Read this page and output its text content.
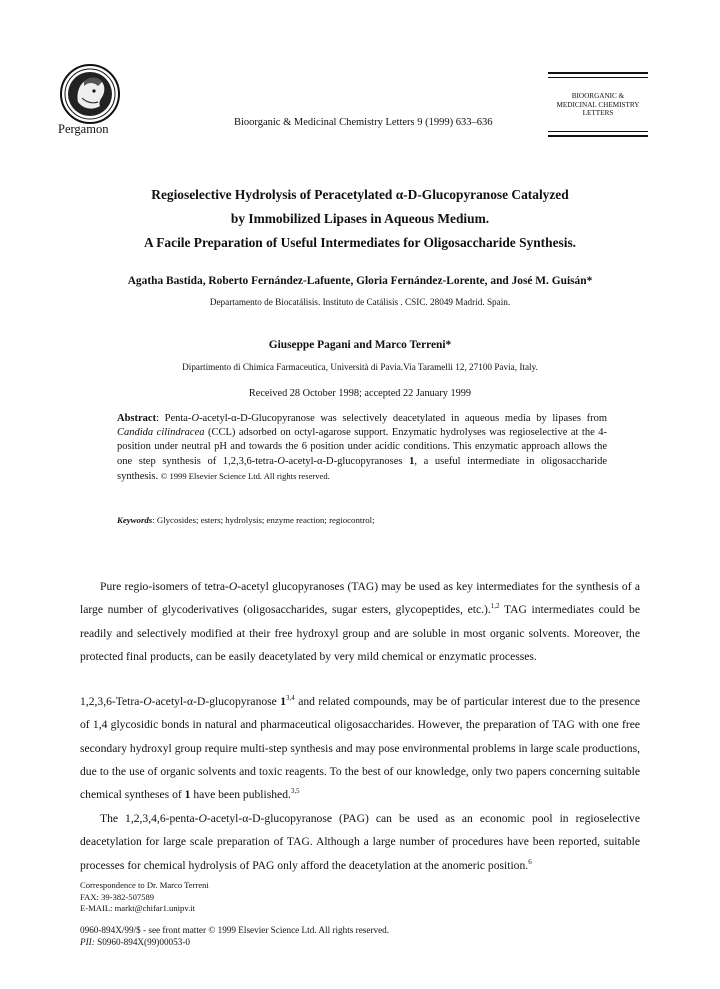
Pergamon	Bioorganic & Medicinal Chemistry Letters 9 (1999) 633–636
BIOORGANIC &
MEDICINAL CHEMISTRY
LETTERS
Regioselective Hydrolysis of Peracetylated α-D-Glucopyranose Catalyzed
by Immobilized Lipases in Aqueous Medium.
A Facile Preparation of Useful Intermediates for Oligosaccharide Synthesis.
Agatha Bastida, Roberto Fernández-Lafuente, Gloria Fernández-Lorente, and José M. Guisán*
Departamento de Biocatálisis. Instituto de Catálisis . CSIC. 28049 Madrid. Spain.
Giuseppe Pagani and Marco Terreni*
Dipartimento di Chimica Farmaceutica, Università di Pavia.Via Taramelli 12, 27100 Pavia, Italy.
Received 28 October 1998; accepted 22 January 1999
Abstract: Penta-O-acetyl-α-D-Glucopyranose was selectively deacetylated in aqueous media by lipases from Candida cilindracea (CCL) adsorbed on octyl-agarose support. Enzymatic hydrolyses was regioselective at the 4-position under neutral pH and towards the 6 position under acidic conditions. This enzymatic approach allows the one step synthesis of 1,2,3,6-tetra-O-acetyl-α-D-glucopyranoses 1, a useful intermediate in oligosaccharide synthesis. © 1999 Elsevier Science Ltd. All rights reserved.
Keywords: Glycosides; esters; hydrolysis; enzyme reaction; regiocontrol;
Pure regio-isomers of tetra-O-acetyl glucopyranoses (TAG) may be used as key intermediates for the synthesis of a large number of glycoderivatives (oligosaccharides, sugar esters, glycopeptides, etc.).$^{1,2}$ TAG intermediates could be readily and selectively modified at their free hydroxyl group and are soluble in most organic solvents. Moreover, the protected final products, can be easily deacetylated by very mild chemical or enzymatic processes.
1,2,3,6-Tetra-O-acetyl-α-D-glucopyranose 1$^{3,4}$ and related compounds, may be of particular interest due to the presence of 1,4 glycosidic bonds in natural and pharmaceutical oligosaccharides. However, the preparation of TAG with one free secondary hydroxyl group require multi-step synthesis and may pose environmental problems in large scale productions, due to the use of organic solvents and toxic reagents. To the best of our knowledge, only two papers concerning suitable chemical syntheses of 1 have been published.$^{3,5}$
The 1,2,3,4,6-penta-O-acetyl-α-D-glucopyranose (PAG) can be used as an economic pool in regioselective deacetylation for large scale preparation of TAG. Although a large number of procedures have been reported, suitable processes for chemical hydrolysis of PAG only afford the deacetylation at the anomeric position.$^6$
Correspondence to Dr. Marco Terreni
FAX: 39-382-507589
E-MAIL: markt@chifar1.unipv.it
0960-894X/99/$ - see front matter © 1999 Elsevier Science Ltd. All rights reserved.
PII: S0960-894X(99)00053-0
